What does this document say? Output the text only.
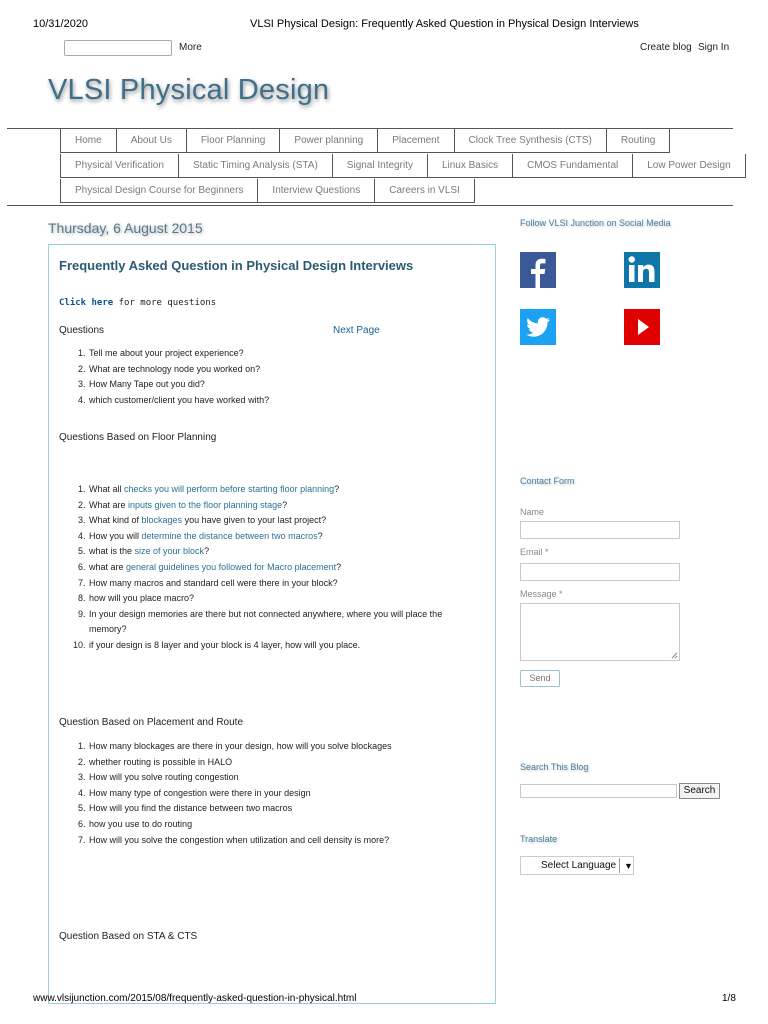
10/31/2020	VLSI Physical Design: Frequently Asked Question in Physical Design Interviews
More	Create blog Sign In
VLSI Physical Design
Home	About Us	Floor Planning	Power planning	Placement	Clock Tree Synthesis (CTS)	Routing
Physical Verification	Static Timing Analysis (STA)	Signal Integrity	Linux Basics	CMOS Fundamental	Low Power Design
Physical Design Course for Beginners	Interview Questions	Careers in VLSI
Thursday, 6 August 2015
Frequently Asked Question in Physical Design Interviews
Click here for more questions
Questions	Next Page
1. Tell me about your project experience?
2. What are technology node you worked on?
3. How Many Tape out you did?
4. which customer/client you have worked with?
Questions Based on Floor Planning
1. What all checks you will perform before starting floor planning?
2. What are inputs given to the floor planning stage?
3. What kind of blockages you have given to your last project?
4. How you will determine the distance between two macros?
5. what is the size of your block?
6. what are general guidelines you followed for Macro placement?
7. How many macros and standard cell were there in your block?
8. how will you place macro?
9. In your design memories are there but not connected anywhere, where you will place the memory?
10. if your design is 8 layer and your block is 4 layer, how will you place.
Question Based on Placement and Route
1. How many blockages are there in your design, how will you solve blockages
2. whether routing is possible in HALO
3. How will you solve routing congestion
4. How many type of congestion were there in your design
5. How will you find the distance between two macros
6. how you use to do routing
7. How will you solve the congestion when utilization and cell density is more?
Question Based on STA & CTS
Follow VLSI Junction on Social Media
Contact Form
Name
Email *
Message *
Send
Search This Blog
Search
Translate
Select Language ▼
www.vlsijunction.com/2015/08/frequently-asked-question-in-physical.html	1/8
